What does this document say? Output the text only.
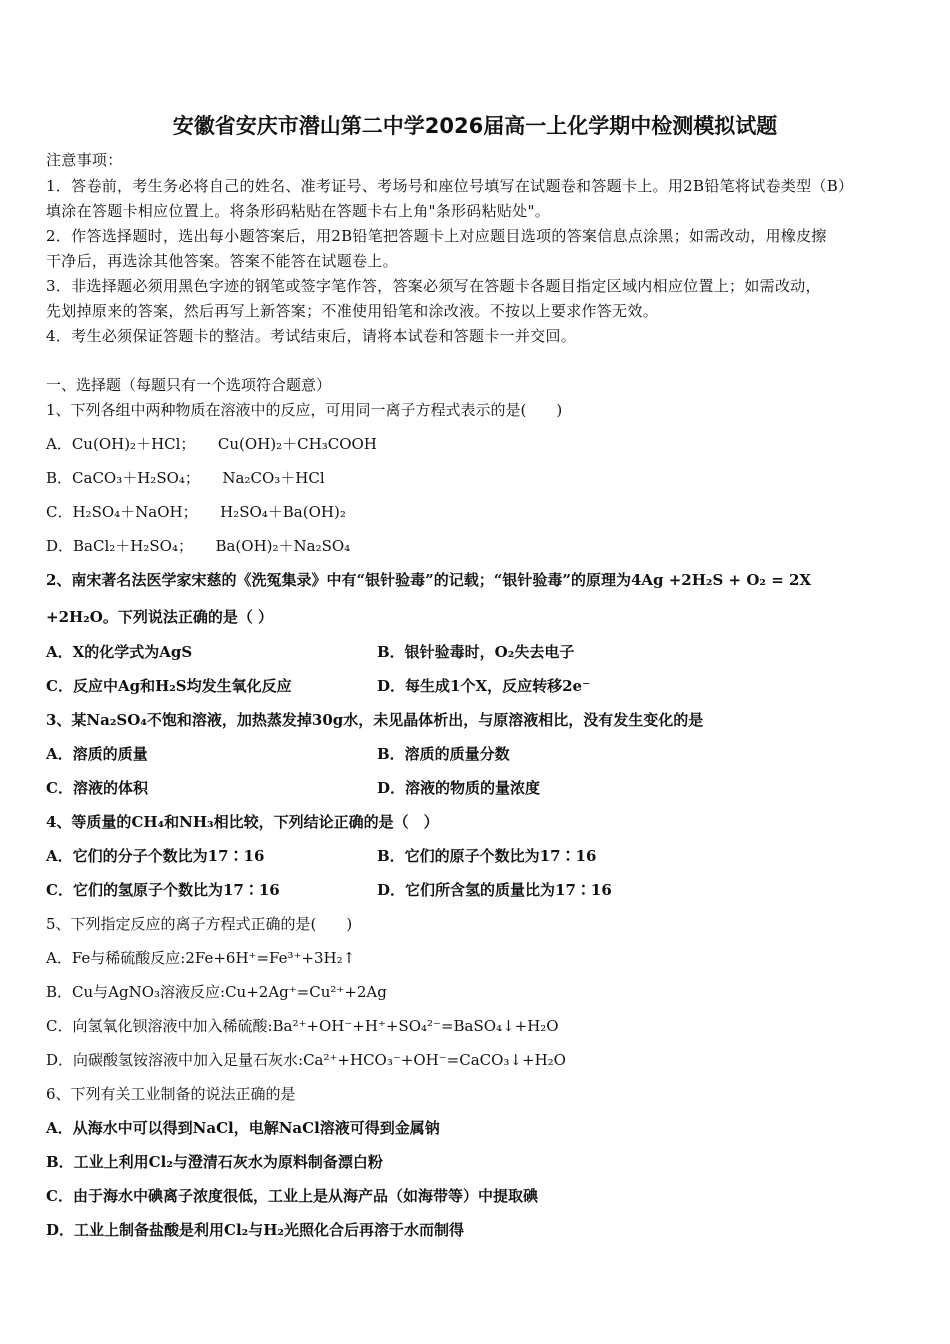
安徽省安庆市潜山第二中学2026届高一上化学期中检测模拟试题
注意事项：
1．答卷前，考生务必将自己的姓名、准考证号、考场号和座位号填写在试题卷和答题卡上。用2B铅笔将试卷类型（B）
填涂在答题卡相应位置上。将条形码粘贴在答题卡右上角"条形码粘贴处"。
2．作答选择题时，选出每小题答案后，用2B铅笔把答题卡上对应题目选项的答案信息点涂黑；如需改动，用橡皮擦
干净后，再选涂其他答案。答案不能答在试题卷上。
3．非选择题必须用黑色字迹的钢笔或签字笔作答，答案必须写在答题卡各题目指定区域内相应位置上；如需改动，
先划掉原来的答案，然后再写上新答案；不准使用铅笔和涂改液。不按以上要求作答无效。
4．考生必须保证答题卡的整洁。考试结束后，请将本试卷和答题卡一并交回。
一、选择题（每题只有一个选项符合题意）
1、下列各组中两种物质在溶液中的反应，可用同一离子方程式表示的是(　　)
A．Cu(OH)₂＋HCl；　　Cu(OH)₂＋CH₃COOH
B．CaCO₃＋H₂SO₄；　　Na₂CO₃＋HCl
C．H₂SO₄＋NaOH；　　H₂SO₄＋Ba(OH)₂
D．BaCl₂＋H₂SO₄；　　Ba(OH)₂＋Na₂SO₄
2、南宋著名法医学家宋慈的《洗冤集录》中有“银针验毒”的记载；“银针验毒”的原理为4Ag +2H₂S + O₂ = 2X
+2H₂O。下列说法正确的是（ ）
A．X的化学式为AgS	B．银针验毒时，O₂失去电子
C．反应中Ag和H₂S均发生氧化反应	D．每生成1个X，反应转移2e⁻
3、某Na₂SO₄不饱和溶液，加热蒸发掉30g水，未见晶体析出，与原溶液相比，没有发生变化的是
A．溶质的质量	B．溶质的质量分数
C．溶液的体积	D．溶液的物质的量浓度
4、等质量的CH₄和NH₃相比较，下列结论正确的是（　）
A．它们的分子个数比为17∶16	B．它们的原子个数比为17∶16
C．它们的氢原子个数比为17∶16	D．它们所含氢的质量比为17∶16
5、下列指定反应的离子方程式正确的是(　　)
A．Fe与稀硫酸反应:2Fe+6H⁺=Fe³⁺+3H₂↑
B．Cu与AgNO₃溶液反应:Cu+2Ag⁺=Cu²⁺+2Ag
C．向氢氧化钡溶液中加入稀硫酸:Ba²⁺+OH⁻+H⁺+SO₄²⁻=BaSO₄↓+H₂O
D．向碳酸氢铵溶液中加入足量石灰水:Ca²⁺+HCO₃⁻+OH⁻=CaCO₃↓+H₂O
6、下列有关工业制备的说法正确的是
A．从海水中可以得到NaCl，电解NaCl溶液可得到金属钠
B．工业上利用Cl₂与澄清石灰水为原料制备漂白粉
C．由于海水中碘离子浓度很低，工业上是从海产品（如海带等）中提取碘
D．工业上制备盐酸是利用Cl₂与H₂光照化合后再溶于水而制得
